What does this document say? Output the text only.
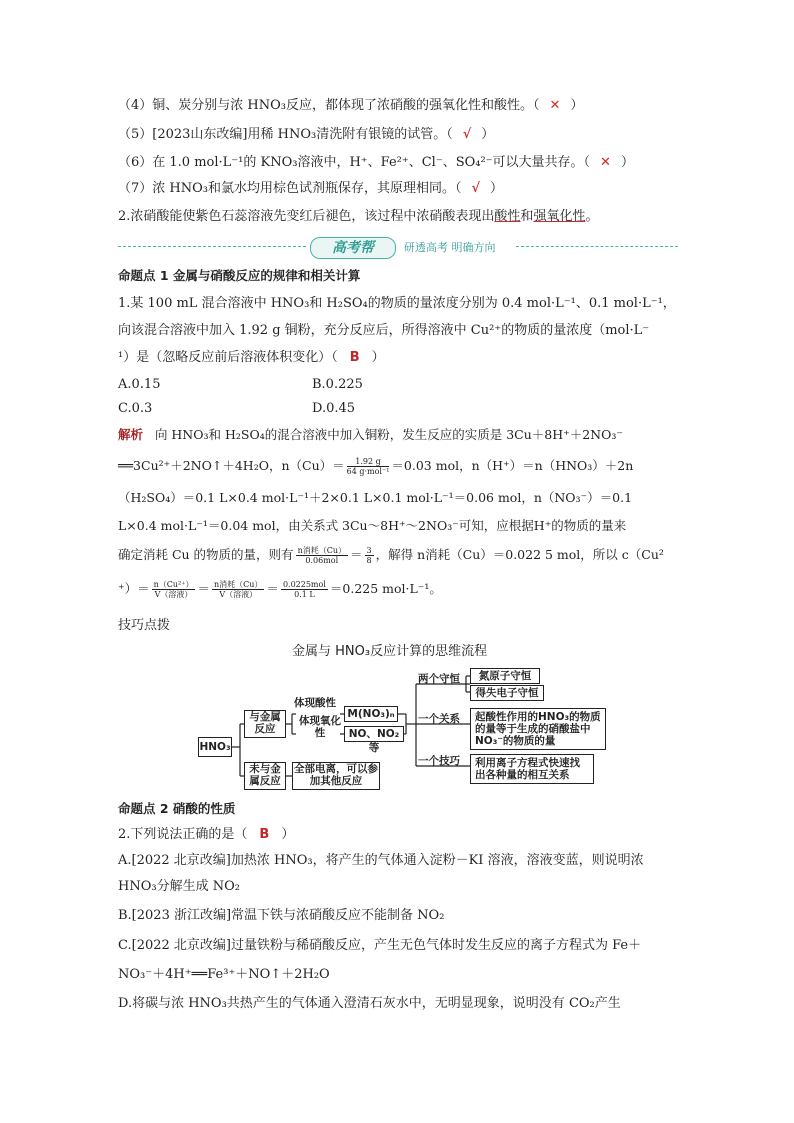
（4）铜、炭分别与浓 HNO₃反应，都体现了浓硝酸的强氧化性和酸性。（ ✕ ）
（5）[2023山东改编]用稀 HNO₃清洗附有银镜的试管。（ √ ）
（6）在 1.0 mol·L⁻¹的 KNO₃溶液中，H⁺、Fe²⁺、Cl⁻、SO₄²⁻可以大量共存。（ ✕ ）
（7）浓 HNO₃和氯水均用棕色试剂瓶保存，其原理相同。（ √ ）
2.浓硝酸能使紫色石蕊溶液先变红后褪色，该过程中浓硝酸表现出酸性和强氧化性。
高考帮	研透高考 明确方向
命题点 1 金属与硝酸反应的规律和相关计算
1.某 100 mL 混合溶液中 HNO₃和 H₂SO₄的物质的量浓度分别为 0.4 mol·L⁻¹、0.1 mol·L⁻¹，
向该混合溶液中加入 1.92 g 铜粉，充分反应后，所得溶液中 Cu²⁺的物质的量浓度（mol·L⁻
¹）是（忽略反应前后溶液体积变化）（ B ）
A.0.15	B.0.225
C.0.3	D.0.45
解析 向 HNO₃和 H₂SO₄的混合溶液中加入铜粉，发生反应的实质是 3Cu＋8H⁺＋2NO₃⁻
══3Cu²⁺＋2NO↑＋4H₂O，$n(Cu)= \frac{1.92 g}{\text{64 g·mol⁻¹}} =0.03$ mol，n（H⁺）＝n（HNO₃）＋2n
（H₂SO₄）＝0.1 L×0.4 mol·L⁻¹＋2×0.1 L×0.1 mol·L⁻¹＝0.06 mol，n（NO₃⁻）＝0.1
L×0.4 mol·L⁻¹＝0.04 mol，由关系式 3Cu～8H⁺～2NO₃⁻可知，应根据H⁺的物质的量来
确定消耗 Cu 的物质的量，则有 $\frac{\text{n消耗（Cu）}}{\text{0.06mol}} = \frac{3}{8}$ ，解得 n消耗（Cu）＝0.022 5 mol，所以 c（Cu²
⁺）＝ $\frac{\text{n（Cu²⁺）}}{\text{V（溶液）}} = \frac{\text{n消耗（Cu）}}{\text{V（溶液）}} = \frac{\text{0.0225mol}}{0.1 L} =0.225$ mol·L⁻¹。
技巧点拨
金属与 HNO₃反应计算的思维流程
HNO₃
与金属反应
未与金属反应
体现酸性
体现氧化性
M(NO₃)ₙ
NO、NO₂等
全部电离，可以参加其他反应
两个守恒	氮原子守恒
得失电子守恒
一个关系	起酸性作用的HNO₃的物质的量等于生成的硝酸盐中NO₃⁻的物质的量
一个技巧	利用离子方程式快速找出各种量的相互关系
命题点 2 硝酸的性质
2.下列说法正确的是（ B ）
A.[2022 北京改编]加热浓 HNO₃，将产生的气体通入淀粉－KI 溶液，溶液变蓝，则说明浓
HNO₃分解生成 NO₂
B.[2023 浙江改编]常温下铁与浓硝酸反应不能制备 NO₂
C.[2022 北京改编]过量铁粉与稀硝酸反应，产生无色气体时发生反应的离子方程式为 Fe＋
NO₃⁻＋4H⁺══Fe³⁺＋NO↑＋2H₂O
D.将碳与浓 HNO₃共热产生的气体通入澄清石灰水中，无明显现象，说明没有 CO₂产生
